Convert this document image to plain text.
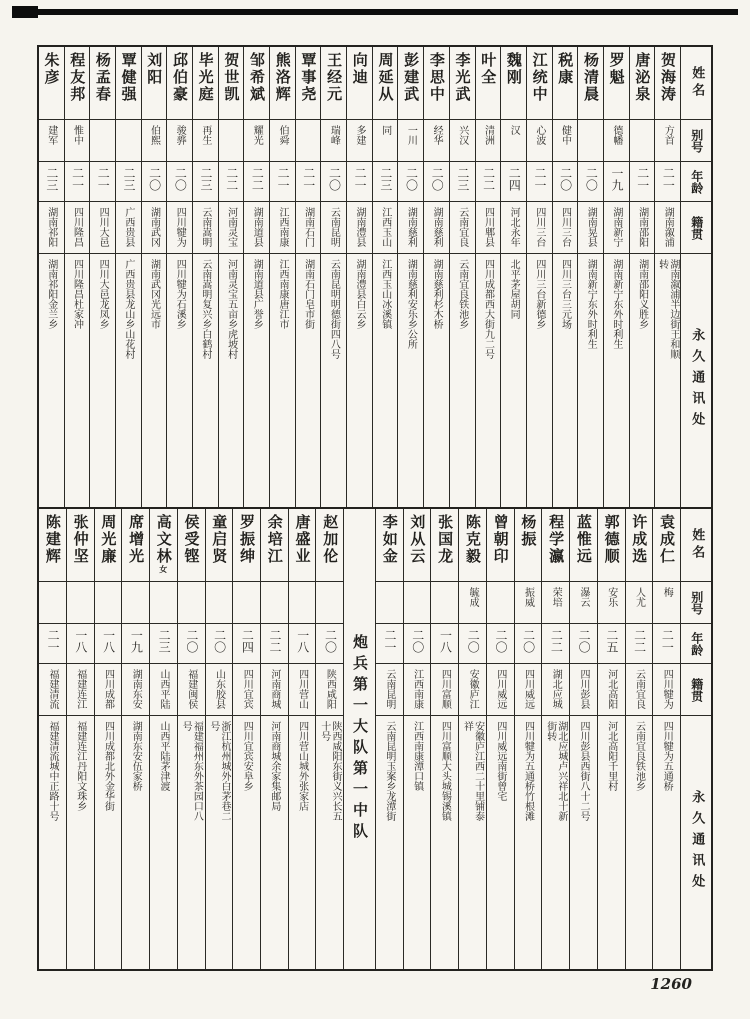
姓名
别号
年龄
籍贯
永久通讯处
贺海涛
方首
二一
湖南溆浦
湖南溆浦半边街王和顺转
唐泌泉
二一
湖南邵阳
湖南邵阳义胜乡
罗魁
德幡
一九
湖南新宁
湖南新宁东外时利生
杨清晨
二〇
湖南晃县
湖南新宁东外时利生
税康
健中
二〇
四川三台
四川三台三元场
江统中
心波
二一
四川三台
四川三台新德乡
魏刚
汉
二四
河北永年
北平茅屋胡同
叶全
清洲
二二
四川郫县
四川成都西大街九二号
李光武
兴汉
二三
云南宜良
云南宜良铁池乡
李思中
经华
二〇
湖南慈利
湖南慈利杉木桥
彭建武
一川
二〇
湖南慈利
湖南慈利安乐乡公所
周延从
同
二三
江西玉山
江西玉山冰溪镇
向迪
多建
二一
湖南澧县
湖南澧县白云乡
王经元
瑞峰
二〇
云南昆明
云南昆明明德街四八号
覃事尧
二一
湖南石门
湖南石门皂市街
熊洛辉
伯舜
二一
江西南康
江西南康唐江市
邹希斌
耀光
二二
湖南道县
湖南道县广誉乡
贺世凯
二二
河南灵宝
河南灵宝五亩乡虎坡村
毕光庭
再生
二三
云南嵩明
云南嵩明复兴乡白鹤村
邱伯豪
骏骅
二〇
四川犍为
四川犍为石溪乡
刘阳
伯熙
二〇
湖南武冈
湖南武冈光远市
覃健强
二三
广西贵县
广西贵县龙山乡山花村
杨孟春
二一
四川大邑
四川大邑龙凤乡
程友邦
惟中
二一
四川隆昌
四川隆昌杜家冲
朱彦
建军
二三
湖南祁阳
湖南祁阳金兰乡
姓名
别号
年龄
籍贯
永久通讯处
袁成仁
梅
二一
四川犍为
四川犍为五通桥
许成选
人尤
二二
云南宜良
云南宜良铁池乡
郭德顺
安乐
二五
河北高阳
河北高阳千里村
蓝惟远
瀑云
二〇
四川彭县
四川彭县西街八十二号
程学瀛
荣培
二二
湖北应城
湖北应城卢兴祥北十新街转
杨振
振威
二〇
四川威远
四川犍为五通桥竹根滩
曾朝印
二〇
四川威远
四川威远南街曾宅
陈克毅
毓成
二〇
安徽庐江
安徽庐江西二十里铺泰祥
张国龙
一八
四川富顺
四川富顺大头城锡溪镇
刘从云
二〇
江西南康
江西南康潭口镇
李如金
二一
云南昆明
云南昆明玉案乡龙潭街
炮兵第一大队第一中队
赵加伦
二〇
陕西咸阳
陕西咸阳东街义兴长五十号
唐盛业
一八
四川营山
四川营山城外张家店
余培江
二二
河南商城
河南商城余家集邮局
罗振绅
二四
四川宜宾
四川宜宾安阜乡
童启贤
二〇
山东胶县
浙江杭州城外白茅巷二号
侯受铿
二〇
福建闽侯
福建福州东外茶园口八号
高文林女
二三
山西平陆
山西平陆茅津渡
席增光
一九
湖南东安
湖南东安伍家桥
周光廉
一八
四川成都
四川成都北外金华街
张仲坚
一八
福建连江
福建连江丹阳文珠乡
陈建辉
二一
福建清流
福建清流城中正路十号
1260
